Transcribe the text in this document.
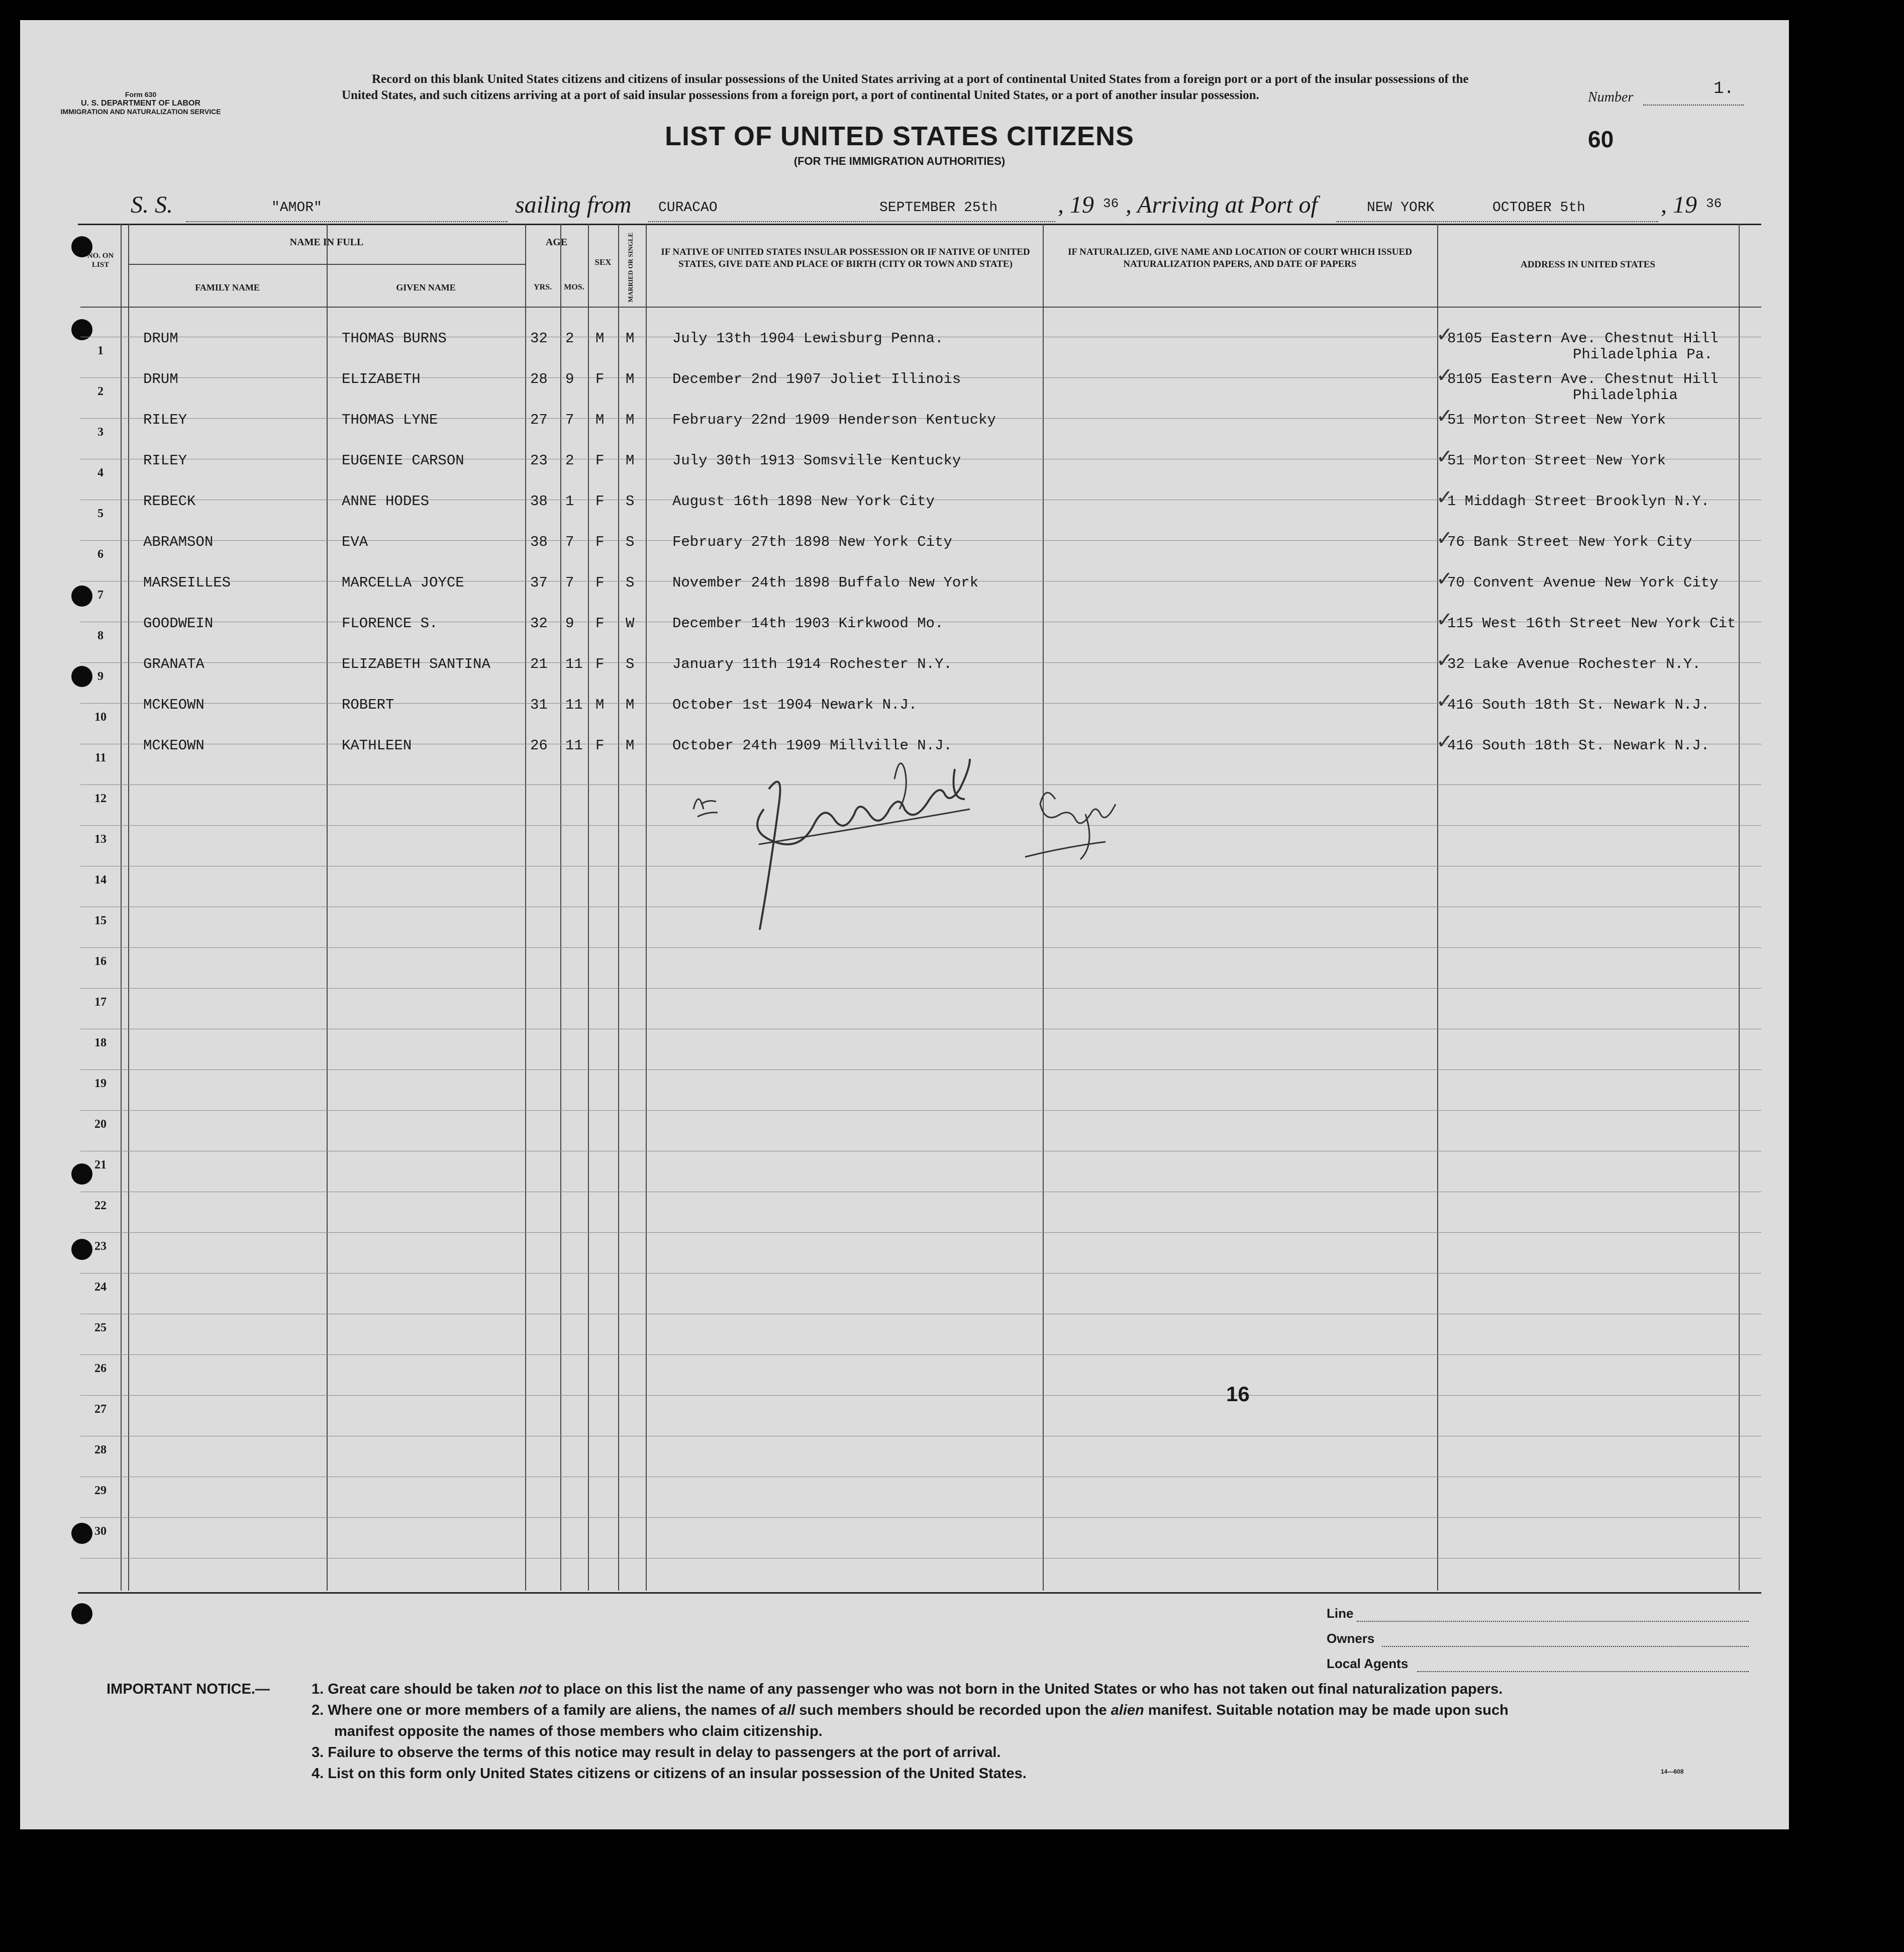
Form 630
U. S. DEPARTMENT OF LABOR
IMMIGRATION AND NATURALIZATION SERVICE
Record on this blank United States citizens and citizens of insular possessions of the United States arriving at a port of continental United States from a foreign port or a port of the insular possessions of the United States, and such citizens arriving at a port of said insular possessions from a foreign port, a port of continental United States, or a port of another insular possession.	Number	1.
LIST OF UNITED STATES CITIZENS
(FOR THE IMMIGRATION AUTHORITIES)
60
S. S.	"AMOR"	sailing from CURACAO	SEPTEMBER 25th , 19 36 , Arriving at Port of	NEW YORK	OCTOBER 5th	, 19 36
NO. ON LIST
NAME IN FULL
FAMILY NAME	GIVEN NAME
AGE
YRS.	MOS.
SEX	MARRIED OR SINGLE	IF NATIVE OF UNITED STATES INSULAR POSSESSION OR IF NATIVE OF UNITED STATES, GIVE DATE AND PLACE OF BIRTH (CITY OR TOWN AND STATE)
IF NATURALIZED, GIVE NAME AND LOCATION OF COURT WHICH ISSUED NATURALIZATION PAPERS, AND DATE OF PAPERS	ADDRESS IN UNITED STATES
1
DRUM	THOMAS BURNS	32 2 M M	July 13th 1904 Lewisburg Penna.	8105 Eastern Ave. Chestnut Hill
Philadelphia Pa.
✓
2
DRUM	ELIZABETH	28 9 F M	December 2nd 1907 Joliet Illinois	8105 Eastern Ave. Chestnut Hill
Philadelphia
✓
3
RILEY	THOMAS LYNE	27 7 M M	February 22nd 1909 Henderson Kentucky	51 Morton Street New York
✓
4
RILEY	EUGENIE CARSON	23 2 F M	July 30th 1913 Somsville Kentucky	51 Morton Street New York
✓
5
REBECK	ANNE HODES	38 1 F S	August 16th 1898 New York City	1 Middagh Street Brooklyn N.Y.
✓
6
ABRAMSON	EVA	38 7 F S	February 27th 1898 New York City	76 Bank Street New York City
✓
7
MARSEILLES	MARCELLA JOYCE	37 7 F S	November 24th 1898 Buffalo New York	70 Convent Avenue New York City
✓
8
GOODWEIN	FLORENCE S.	32 9 F W	December 14th 1903 Kirkwood Mo.	115 West 16th Street New York Cit
✓
9
GRANATA	ELIZABETH SANTINA	21 11 F S	January 11th 1914 Rochester N.Y.	32 Lake Avenue Rochester N.Y.
✓
10
MCKEOWN	ROBERT	31 11 M M	October 1st 1904 Newark N.J.	416 South 18th St. Newark N.J.
✓
11
MCKEOWN	KATHLEEN	26 11 F M	October 24th 1909 Millville N.J.	416 South 18th St. Newark N.J.
✓
12
13
14
15
16
17
18
19
20
21
22
23
24
25
26
27
28
29
30
16
Line
Owners
Local Agents
IMPORTANT NOTICE.—	1. Great care should be taken not to place on this list the name of any passenger who was not born in the United States or who has not taken out final naturalization papers.
2. Where one or more members of a family are aliens, the names of all such members should be recorded upon the alien manifest. Suitable notation may be made upon such
manifest opposite the names of those members who claim citizenship.
3. Failure to observe the terms of this notice may result in delay to passengers at the port of arrival.
4. List on this form only United States citizens or citizens of an insular possession of the United States.	14—608
